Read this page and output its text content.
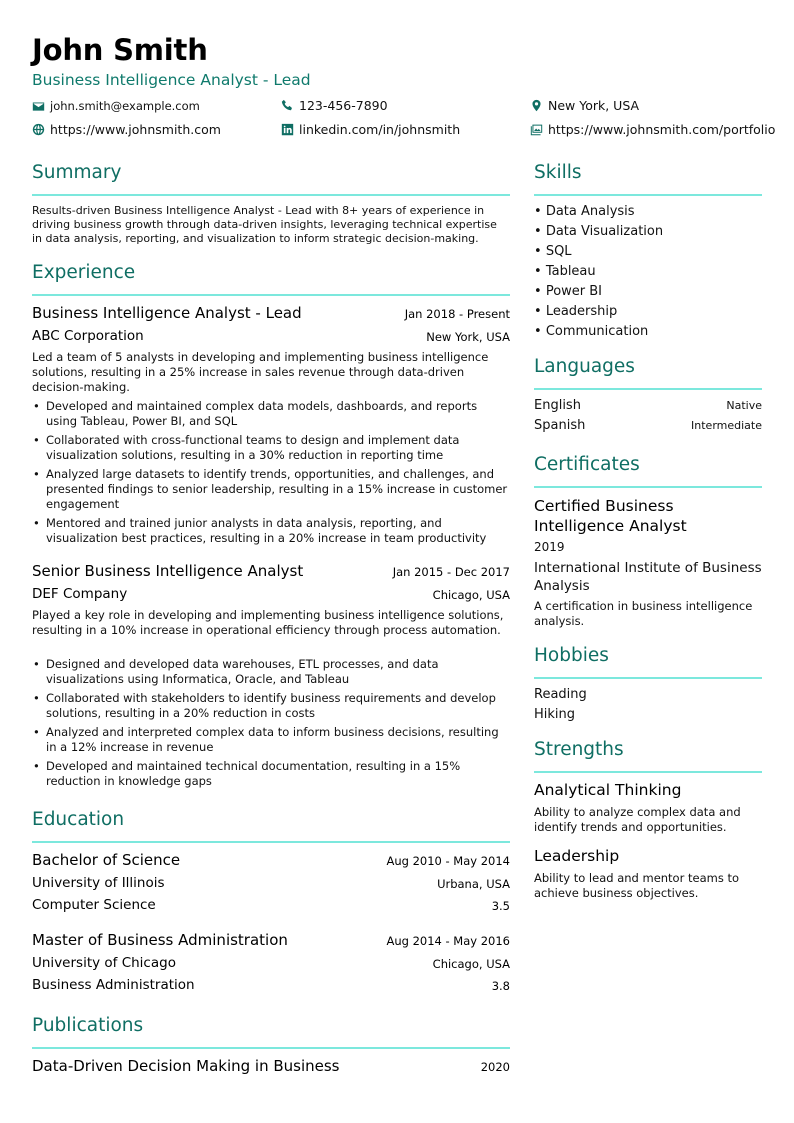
John Smith
Business Intelligence Analyst - Lead
john.smith@example.com	123-456-7890	New York, USA
https://www.johnsmith.com	linkedin.com/in/johnsmith	https://www.johnsmith.com/portfolio
Summary
Results-driven Business Intelligence Analyst - Lead with 8+ years of experience in driving business growth through data-driven insights, leveraging technical expertise in data analysis, reporting, and visualization to inform strategic decision-making.
Experience
Business Intelligence Analyst - Lead	Jan 2018 - Present
ABC Corporation	New York, USA
Led a team of 5 analysts in developing and implementing business intelligence solutions, resulting in a 25% increase in sales revenue through data-driven decision-making.
• Developed and maintained complex data models, dashboards, and reports using Tableau, Power BI, and SQL
• Collaborated with cross-functional teams to design and implement data visualization solutions, resulting in a 30% reduction in reporting time
• Analyzed large datasets to identify trends, opportunities, and challenges, and presented findings to senior leadership, resulting in a 15% increase in customer engagement
• Mentored and trained junior analysts in data analysis, reporting, and visualization best practices, resulting in a 20% increase in team productivity
Senior Business Intelligence Analyst	Jan 2015 - Dec 2017
DEF Company	Chicago, USA
Played a key role in developing and implementing business intelligence solutions, resulting in a 10% increase in operational efficiency through process automation.
• Designed and developed data warehouses, ETL processes, and data visualizations using Informatica, Oracle, and Tableau
• Collaborated with stakeholders to identify business requirements and develop solutions, resulting in a 20% reduction in costs
• Analyzed and interpreted complex data to inform business decisions, resulting in a 12% increase in revenue
• Developed and maintained technical documentation, resulting in a 15% reduction in knowledge gaps
Education
Bachelor of Science	Aug 2010 - May 2014
University of Illinois	Urbana, USA
Computer Science	3.5
Master of Business Administration	Aug 2014 - May 2016
University of Chicago	Chicago, USA
Business Administration	3.8
Publications
Data-Driven Decision Making in Business	2020
Skills
• Data Analysis
• Data Visualization
• SQL
• Tableau
• Power BI
• Leadership
• Communication
Languages
English	Native
Spanish	Intermediate
Certificates
Certified Business Intelligence Analyst
2019
International Institute of Business Analysis
A certification in business intelligence analysis.
Hobbies
Reading
Hiking
Strengths
Analytical Thinking
Ability to analyze complex data and identify trends and opportunities.
Leadership
Ability to lead and mentor teams to achieve business objectives.
